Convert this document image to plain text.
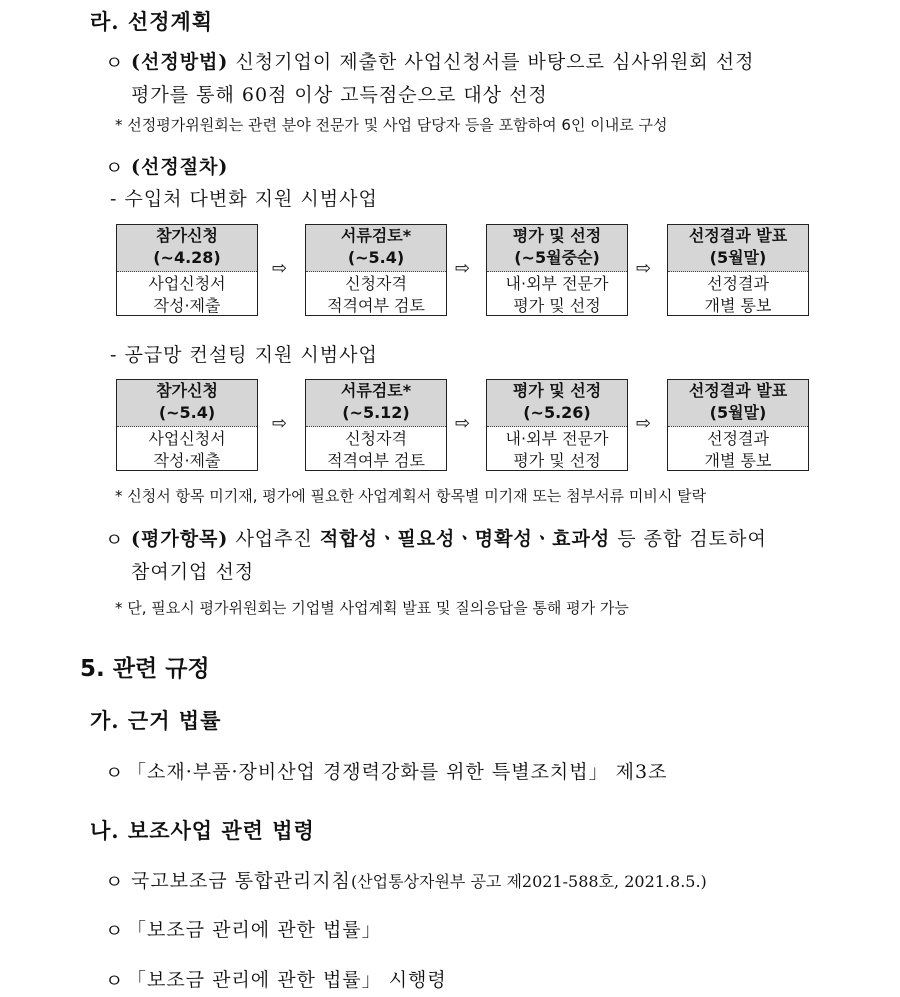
라. 선정계획
ㅇ (선정방법) 신청기업이 제출한 사업신청서를 바탕으로 심사위원회 선정
평가를 통해 60점 이상 고득점순으로 대상 선정
* 선정평가위원회는 관련 분야 전문가 및 사업 담당자 등을 포함하여 6인 이내로 구성
ㅇ (선정절차)
- 수입처 다변화 지원 시범사업
참가신청
(~4.28)
사업신청서
작성·제출
⇨
서류검토*
(~5.4)
신청자격
적격여부 검토
⇨
평가 및 선정
(~5월중순)
내·외부 전문가
평가 및 선정
⇨
선정결과 발표
(5월말)
선정결과
개별 통보
- 공급망 컨설팅 지원 시범사업
참가신청
(~5.4)
사업신청서
작성·제출
⇨
서류검토*
(~5.12)
신청자격
적격여부 검토
⇨
평가 및 선정
(~5.26)
내·외부 전문가
평가 및 선정
⇨
선정결과 발표
(5월말)
선정결과
개별 통보
* 신청서 항목 미기재, 평가에 필요한 사업계획서 항목별 미기재 또는 첨부서류 미비시 탈락
ㅇ (평가항목) 사업추진 적합성ㆍ필요성ㆍ명확성ㆍ효과성 등 종합 검토하여
참여기업 선정
* 단, 필요시 평가위원회는 기업별 사업계획 발표 및 질의응답을 통해 평가 가능
5. 관련 규정
가. 근거 법률
ㅇ 「소재·부품·장비산업 경쟁력강화를 위한 특별조치법」 제3조
나. 보조사업 관련 법령
ㅇ 국고보조금 통합관리지침(산업통상자원부 공고 제2021-588호, 2021.8.5.)
ㅇ 「보조금 관리에 관한 법률」
ㅇ 「보조금 관리에 관한 법률」 시행령
